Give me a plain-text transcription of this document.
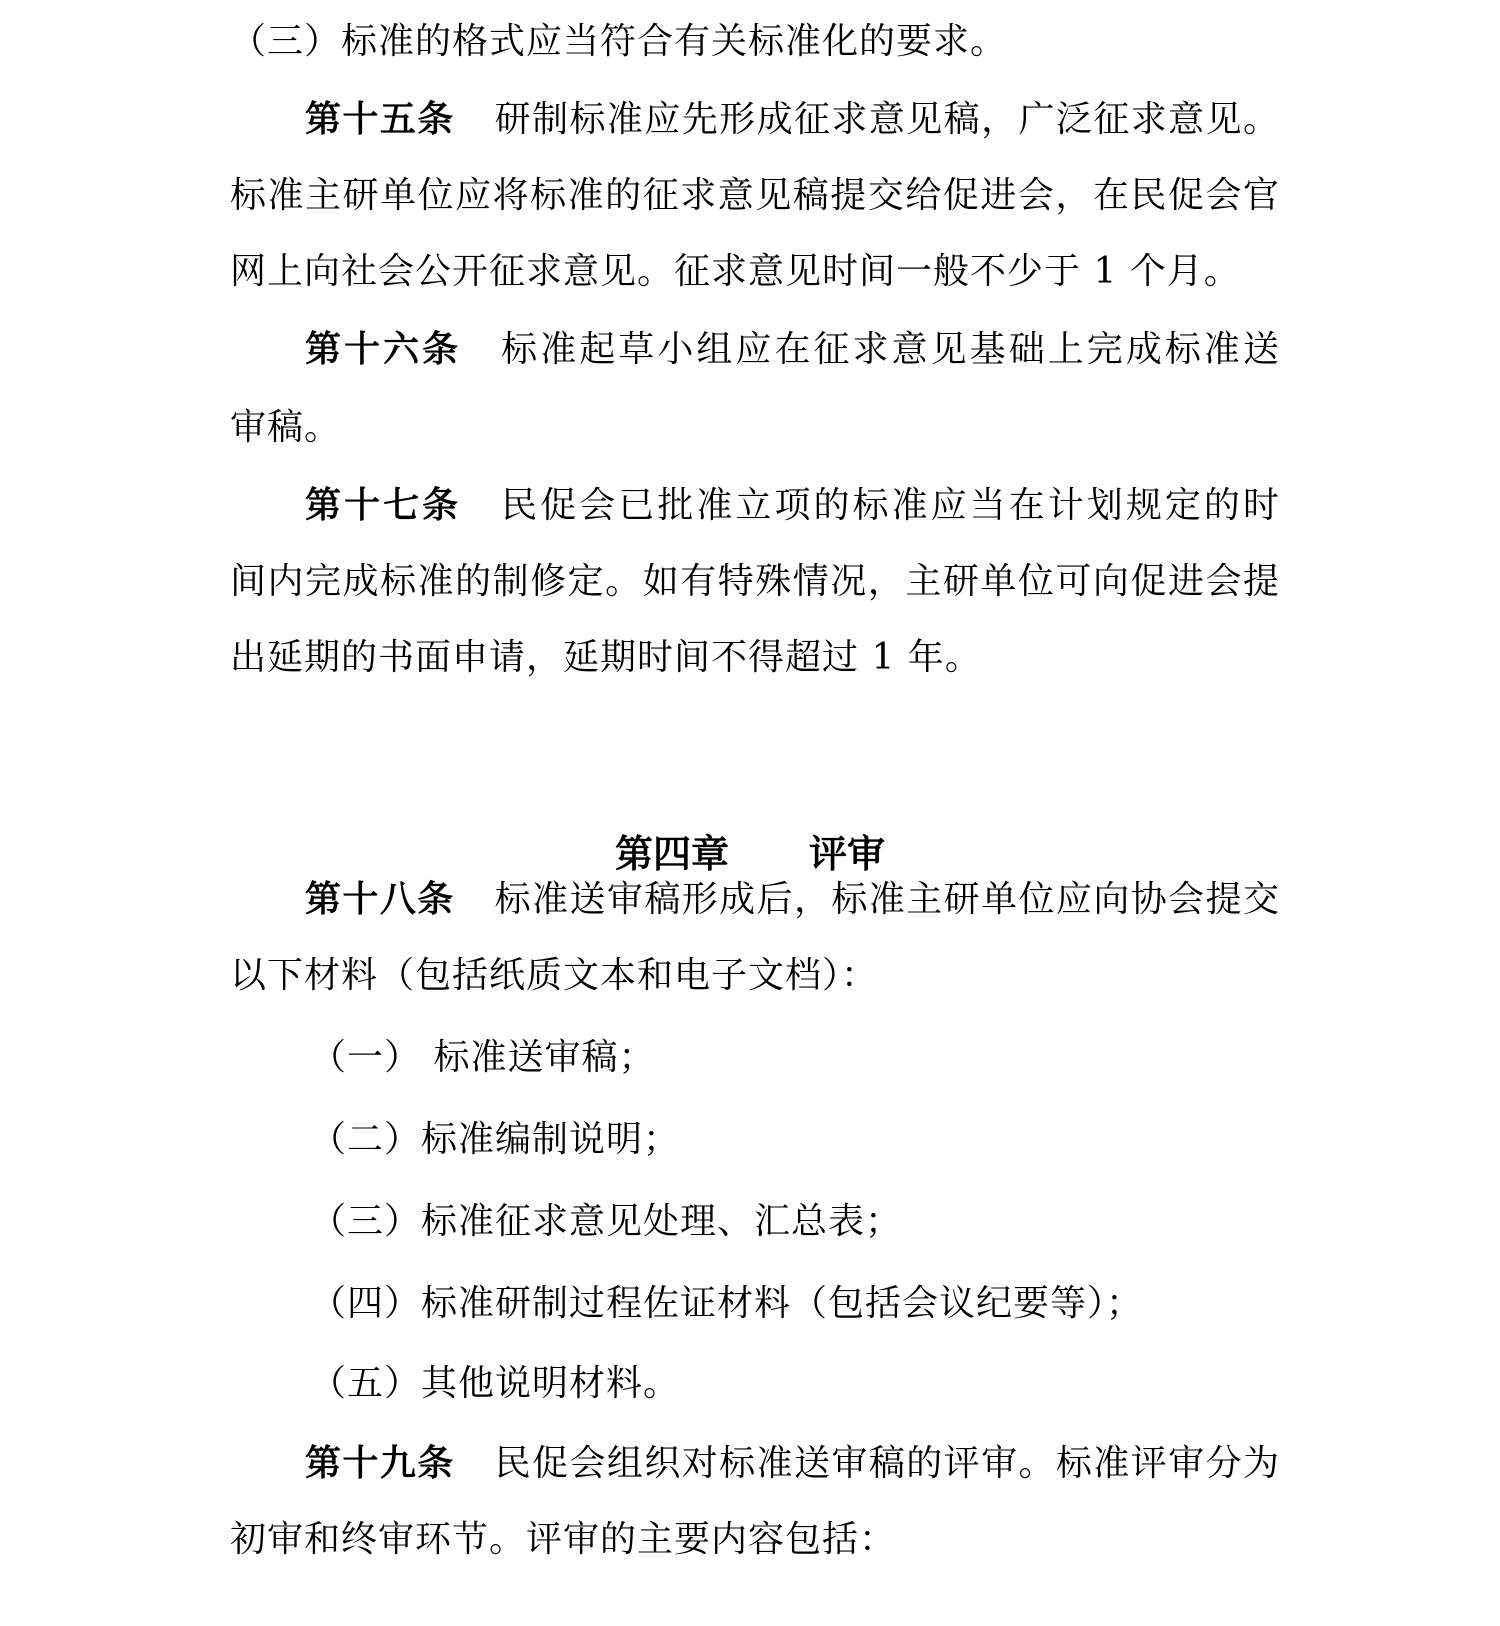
（三）标准的格式应当符合有关标准化的要求。
第十五条 研制标准应先形成征求意见稿，广泛征求意见。
标准主研单位应将标准的征求意见稿提交给促进会，在民促会官
网上向社会公开征求意见。征求意见时间一般不少于 1 个月。
第十六条 标准起草小组应在征求意见基础上完成标准送
审稿。
第十七条 民促会已批准立项的标准应当在计划规定的时
间内完成标准的制修定。如有特殊情况，主研单位可向促进会提
出延期的书面申请，延期时间不得超过 1 年。
第四章 评审
第十八条 标准送审稿形成后，标准主研单位应向协会提交
以下材料（包括纸质文本和电子文档）：
（一） 标准送审稿；
（二）标准编制说明；
（三）标准征求意见处理、汇总表；
（四）标准研制过程佐证材料（包括会议纪要等）；
（五）其他说明材料。
第十九条 民促会组织对标准送审稿的评审。标准评审分为
初审和终审环节。评审的主要内容包括：
